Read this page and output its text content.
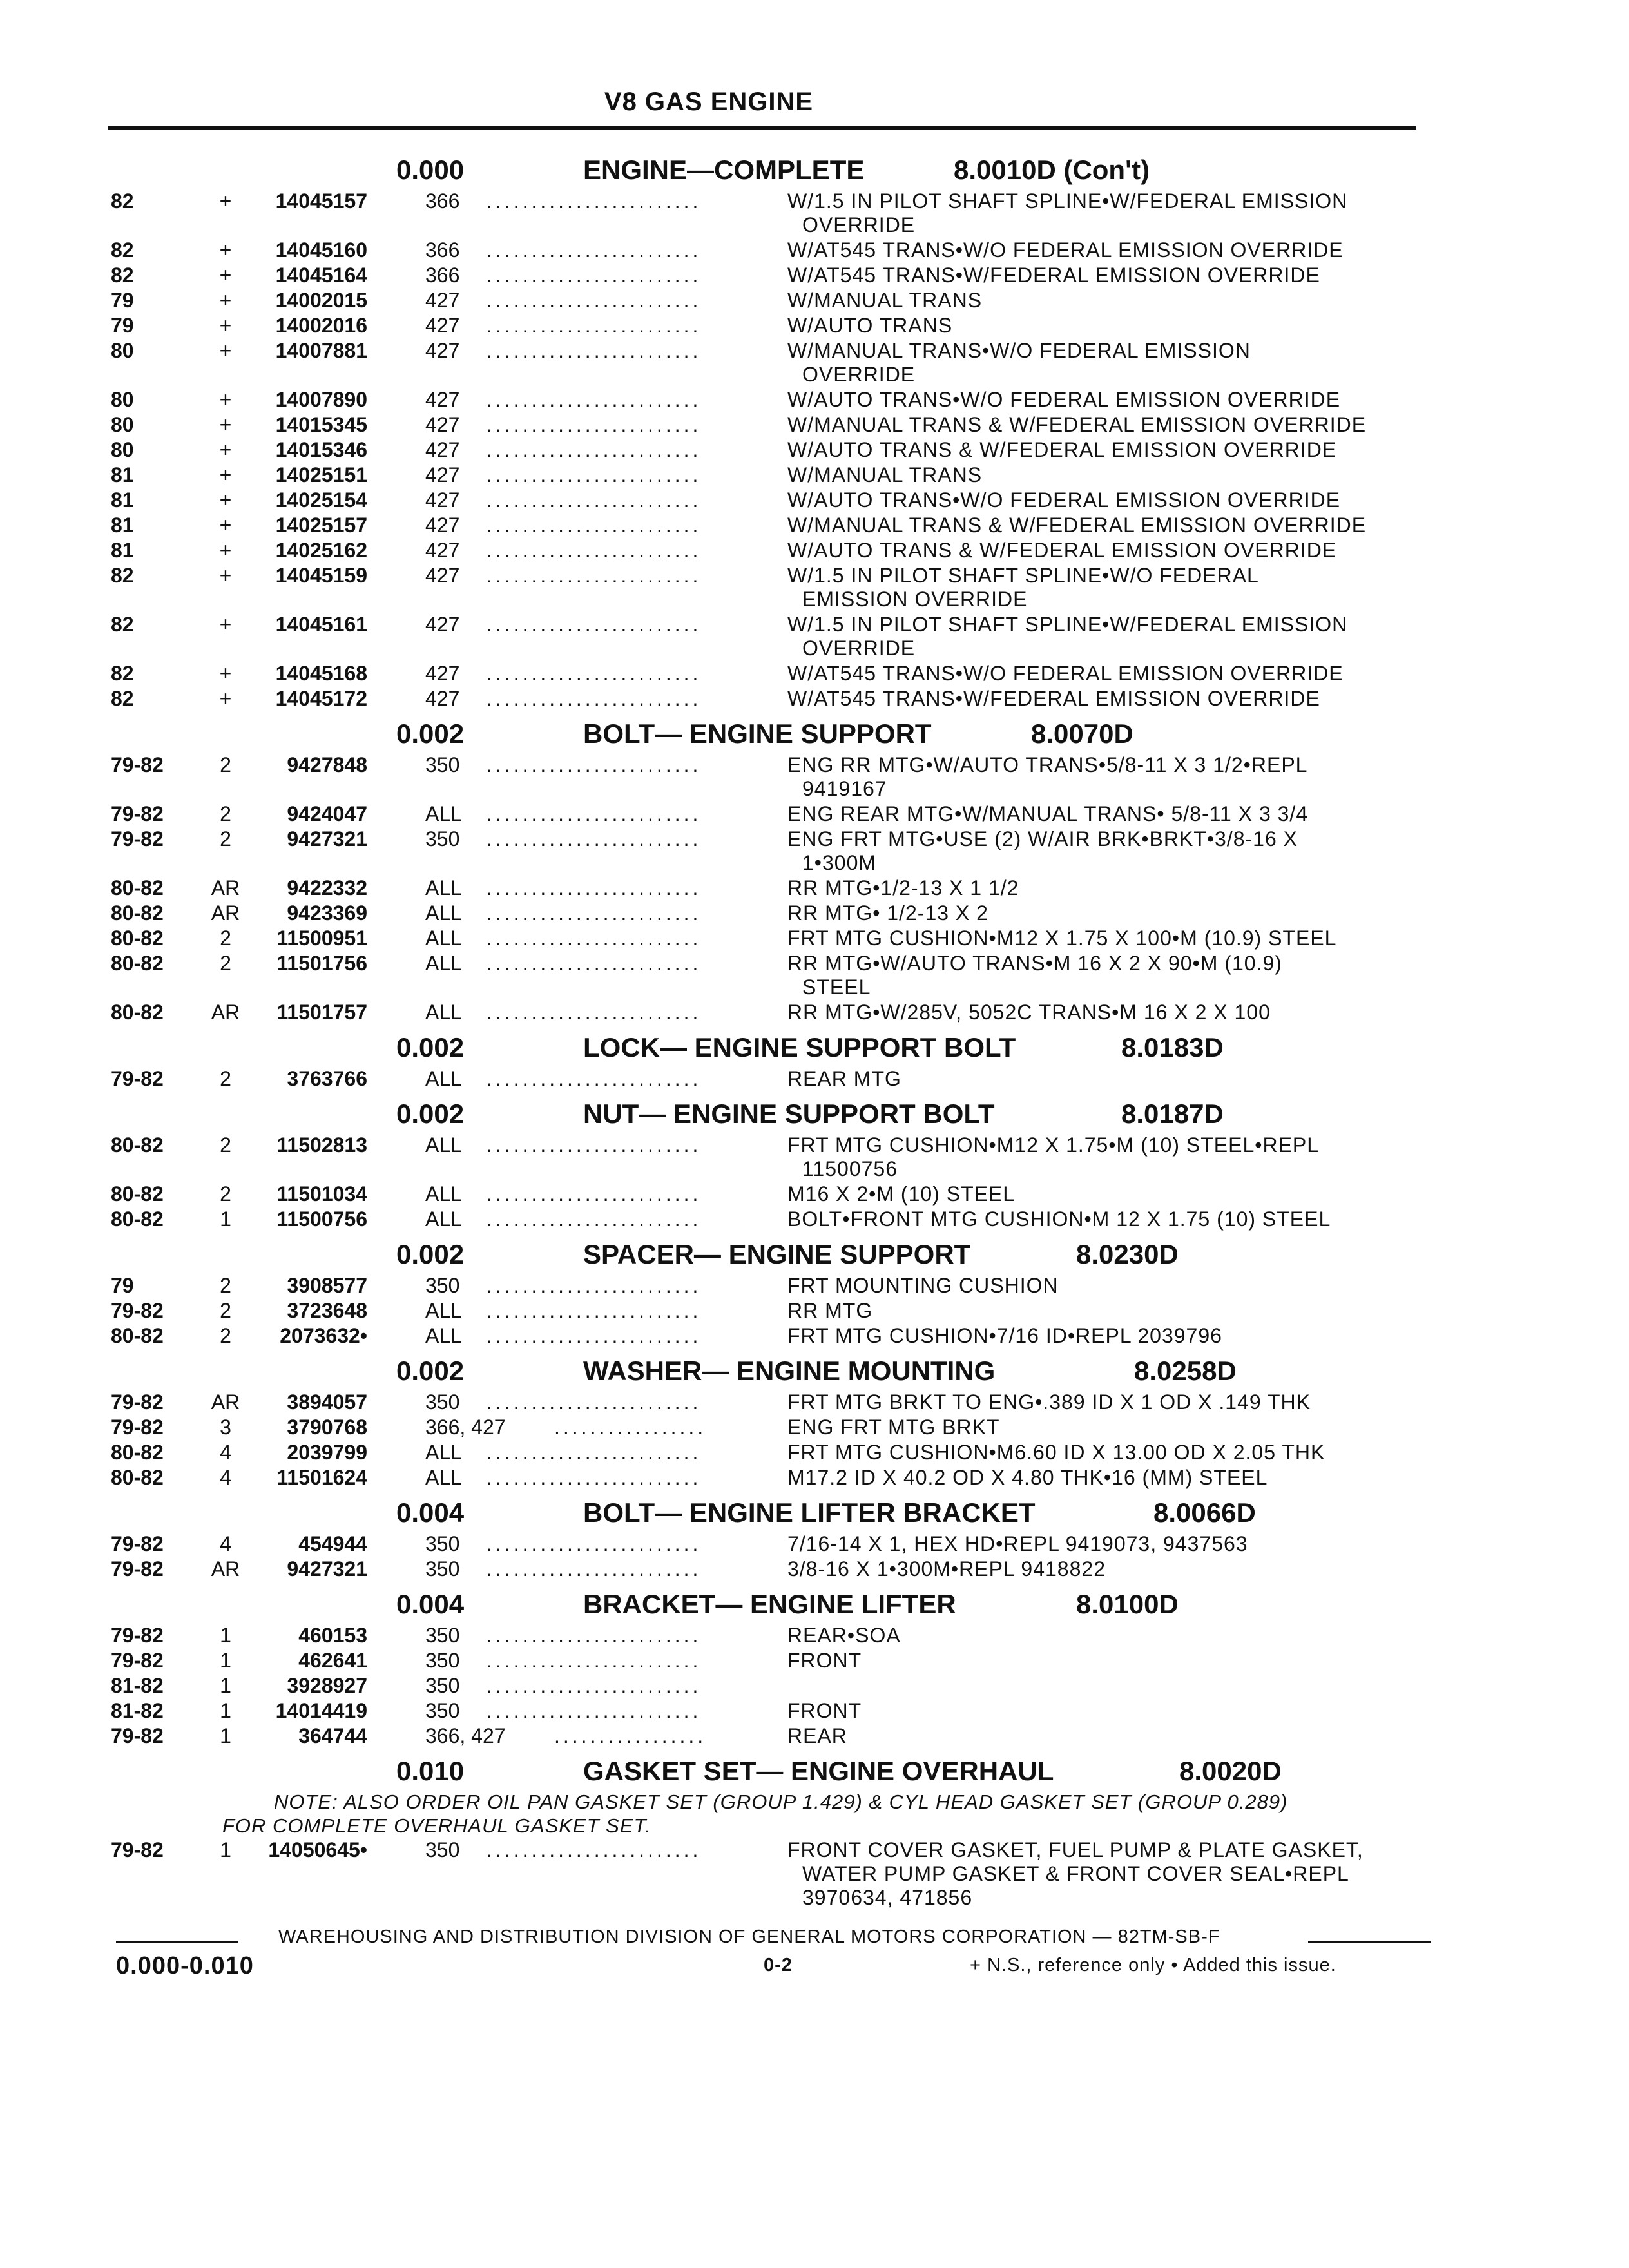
V8 GAS ENGINE
0.000	ENGINE—COMPLETE	8.0010D (Con't)
82	+	14045157	366 ........................	W/1.5 IN PILOT SHAFT SPLINE•W/FEDERAL EMISSION
OVERRIDE
82	+	14045160	366 ........................	W/AT545 TRANS•W/O FEDERAL EMISSION OVERRIDE
82	+	14045164	366 ........................	W/AT545 TRANS•W/FEDERAL EMISSION OVERRIDE
79	+	14002015	427 ........................	W/MANUAL TRANS
79	+	14002016	427 ........................	W/AUTO TRANS
80	+	14007881	427 ........................	W/MANUAL TRANS•W/O FEDERAL EMISSION
OVERRIDE
80	+	14007890	427 ........................	W/AUTO TRANS•W/O FEDERAL EMISSION OVERRIDE
80	+	14015345	427 ........................	W/MANUAL TRANS & W/FEDERAL EMISSION OVERRIDE
80	+	14015346	427 ........................	W/AUTO TRANS & W/FEDERAL EMISSION OVERRIDE
81	+	14025151	427 ........................	W/MANUAL TRANS
81	+	14025154	427 ........................	W/AUTO TRANS•W/O FEDERAL EMISSION OVERRIDE
81	+	14025157	427 ........................	W/MANUAL TRANS & W/FEDERAL EMISSION OVERRIDE
81	+	14025162	427 ........................	W/AUTO TRANS & W/FEDERAL EMISSION OVERRIDE
82	+	14045159	427 ........................	W/1.5 IN PILOT SHAFT SPLINE•W/O FEDERAL
EMISSION OVERRIDE
82	+	14045161	427 ........................	W/1.5 IN PILOT SHAFT SPLINE•W/FEDERAL EMISSION
OVERRIDE
82	+	14045168	427 ........................	W/AT545 TRANS•W/O FEDERAL EMISSION OVERRIDE
82	+	14045172	427 ........................	W/AT545 TRANS•W/FEDERAL EMISSION OVERRIDE
0.002	BOLT— ENGINE SUPPORT	8.0070D
79-82	2	9427848	350 ........................	ENG RR MTG•W/AUTO TRANS•5/8-11 X 3 1/2•REPL
9419167
79-82	2	9424047	ALL ........................	ENG REAR MTG•W/MANUAL TRANS• 5/8-11 X 3 3/4
79-82	2	9427321	350 ........................	ENG FRT MTG•USE (2) W/AIR BRK•BRKT•3/8-16 X
1•300M
80-82	AR	9422332	ALL ........................	RR MTG•1/2-13 X 1 1/2
80-82	AR	9423369	ALL ........................	RR MTG• 1/2-13 X 2
80-82	2	11500951	ALL ........................	FRT MTG CUSHION•M12 X 1.75 X 100•M (10.9) STEEL
80-82	2	11501756	ALL ........................	RR MTG•W/AUTO TRANS•M 16 X 2 X 90•M (10.9)
STEEL
80-82	AR	11501757	ALL ........................	RR MTG•W/285V, 5052C TRANS•M 16 X 2 X 100
0.002	LOCK— ENGINE SUPPORT BOLT	8.0183D
79-82	2	3763766	ALL ........................	REAR MTG
0.002	NUT— ENGINE SUPPORT BOLT	8.0187D
80-82	2	11502813	ALL ........................	FRT MTG CUSHION•M12 X 1.75•M (10) STEEL•REPL
11500756
80-82	2	11501034	ALL ........................	M16 X 2•M (10) STEEL
80-82	1	11500756	ALL ........................	BOLT•FRONT MTG CUSHION•M 12 X 1.75 (10) STEEL
0.002	SPACER— ENGINE SUPPORT	8.0230D
79	2	3908577	350 ........................	FRT MOUNTING CUSHION
79-82	2	3723648	ALL ........................	RR MTG
80-82	2	2073632•	ALL ........................	FRT MTG CUSHION•7/16 ID•REPL 2039796
0.002	WASHER— ENGINE MOUNTING	8.0258D
79-82	AR	3894057	350 ........................	FRT MTG BRKT TO ENG•.389 ID X 1 OD X .149 THK
79-82	3	3790768	366, 427 .................	ENG FRT MTG BRKT
80-82	4	2039799	ALL ........................	FRT MTG CUSHION•M6.60 ID X 13.00 OD X 2.05 THK
80-82	4	11501624	ALL ........................	M17.2 ID X 40.2 OD X 4.80 THK•16 (MM) STEEL
0.004	BOLT— ENGINE LIFTER BRACKET	8.0066D
79-82	4	454944	350 ........................	7/16-14 X 1, HEX HD•REPL 9419073, 9437563
79-82	AR	9427321	350 ........................	3/8-16 X 1•300M•REPL 9418822
0.004	BRACKET— ENGINE LIFTER	8.0100D
79-82	1	460153	350 ........................	REAR•SOA
79-82	1	462641	350 ........................	FRONT
81-82	1	3928927	350 ........................
81-82	1	14014419	350 ........................	FRONT
79-82	1	364744	366, 427 .................	REAR
0.010	GASKET SET— ENGINE OVERHAUL	8.0020D
NOTE: ALSO ORDER OIL PAN GASKET SET (GROUP 1.429) & CYL HEAD GASKET SET (GROUP 0.289)
FOR COMPLETE OVERHAUL GASKET SET.
79-82	1	14050645•	350 ........................	FRONT COVER GASKET, FUEL PUMP & PLATE GASKET,
WATER PUMP GASKET & FRONT COVER SEAL•REPL
3970634, 471856
WAREHOUSING AND DISTRIBUTION DIVISION OF GENERAL MOTORS CORPORATION — 82TM-SB-F
0.000-0.010	0-2	+ N.S., reference only • Added this issue.
